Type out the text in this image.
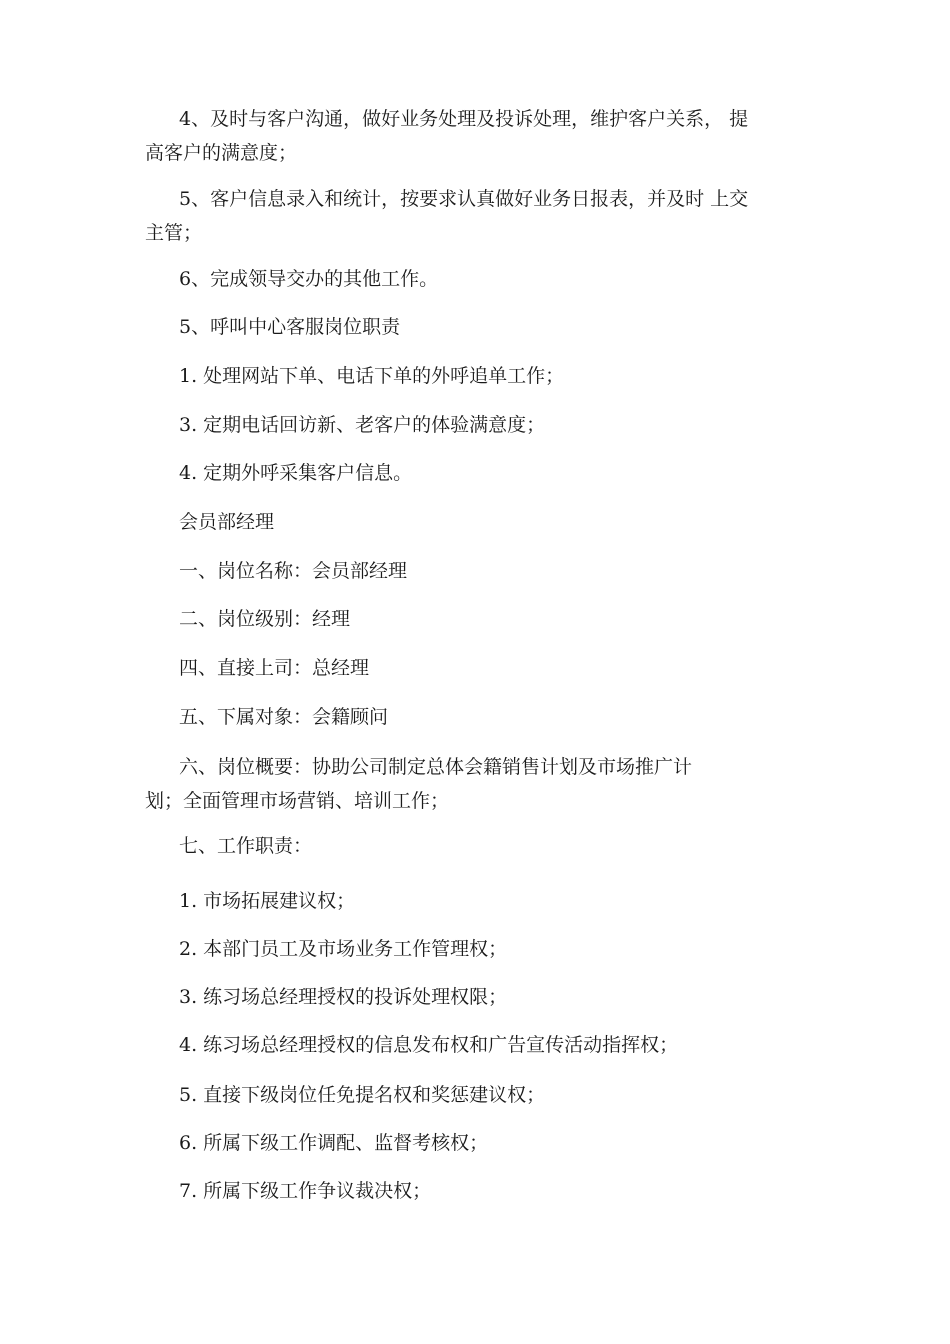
4、及时与客户沟通，做好业务处理及投诉处理，维护客户关系， 提
高客户的满意度；
5、客户信息录入和统计，按要求认真做好业务日报表，并及时 上交
主管；
6、完成领导交办的其他工作。
5、呼叫中心客服岗位职责
1. 处理网站下单、电话下单的外呼追单工作；
3. 定期电话回访新、老客户的体验满意度；
4. 定期外呼采集客户信息。
会员部经理
一、岗位名称：会员部经理
二、岗位级别：经理
四、直接上司：总经理
五、下属对象：会籍顾问
六、岗位概要：协助公司制定总体会籍销售计划及市场推广计
划；全面管理市场营销、培训工作；
七、工作职责：
1. 市场拓展建议权；
2. 本部门员工及市场业务工作管理权；
3. 练习场总经理授权的投诉处理权限；
4. 练习场总经理授权的信息发布权和广告宣传活动指挥权；
5. 直接下级岗位任免提名权和奖惩建议权；
6. 所属下级工作调配、监督考核权；
7. 所属下级工作争议裁决权；
